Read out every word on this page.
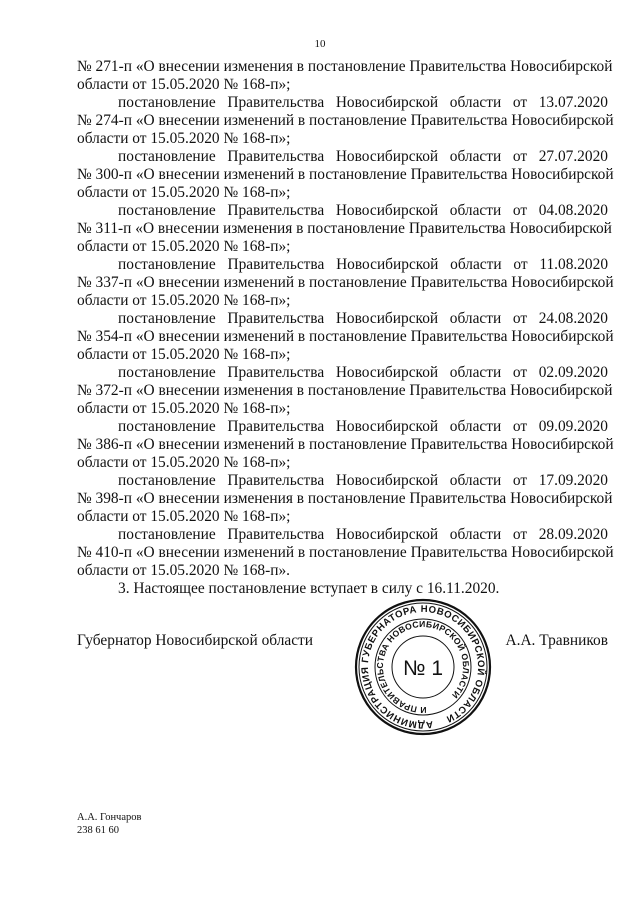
10
№ 271-п «О внесении изменения в постановление Правительства Новосибирской
области от 15.05.2020 № 168-п»;
постановление Правительства Новосибирской области от 13.07.2020
№ 274-п «О внесении изменений в постановление Правительства Новосибирской
области от 15.05.2020 № 168-п»;
постановление Правительства Новосибирской области от 27.07.2020
№ 300-п «О внесении изменений в постановление Правительства Новосибирской
области от 15.05.2020 № 168-п»;
постановление Правительства Новосибирской области от 04.08.2020
№ 311-п «О внесении изменения в постановление Правительства Новосибирской
области от 15.05.2020 № 168-п»;
постановление Правительства Новосибирской области от 11.08.2020
№ 337-п «О внесении изменений в постановление Правительства Новосибирской
области от 15.05.2020 № 168-п»;
постановление Правительства Новосибирской области от 24.08.2020
№ 354-п «О внесении изменений в постановление Правительства Новосибирской
области от 15.05.2020 № 168-п»;
постановление Правительства Новосибирской области от 02.09.2020
№ 372-п «О внесении изменения в постановление Правительства Новосибирской
области от 15.05.2020 № 168-п»;
постановление Правительства Новосибирской области от 09.09.2020
№ 386-п «О внесении изменений в постановление Правительства Новосибирской
области от 15.05.2020 № 168-п»;
постановление Правительства Новосибирской области от 17.09.2020
№ 398-п «О внесении изменения в постановление Правительства Новосибирской
области от 15.05.2020 № 168-п»;
постановление Правительства Новосибирской области от 28.09.2020
№ 410-п «О внесении изменений в постановление Правительства Новосибирской
области от 15.05.2020 № 168-п».
3. Настоящее постановление вступает в силу с 16.11.2020.
Губернатор Новосибирской области	А.А. Травников
АДМИНИСТРАЦИЯ ГУБЕРНАТОРА НОВОСИБИРСКОЙ ОБЛАСТИ
И ПРАВИТЕЛЬСТВА НОВОСИБИРСКОЙ ОБЛАСТИ
№ 1
А.А. Гончаров
238 61 60
